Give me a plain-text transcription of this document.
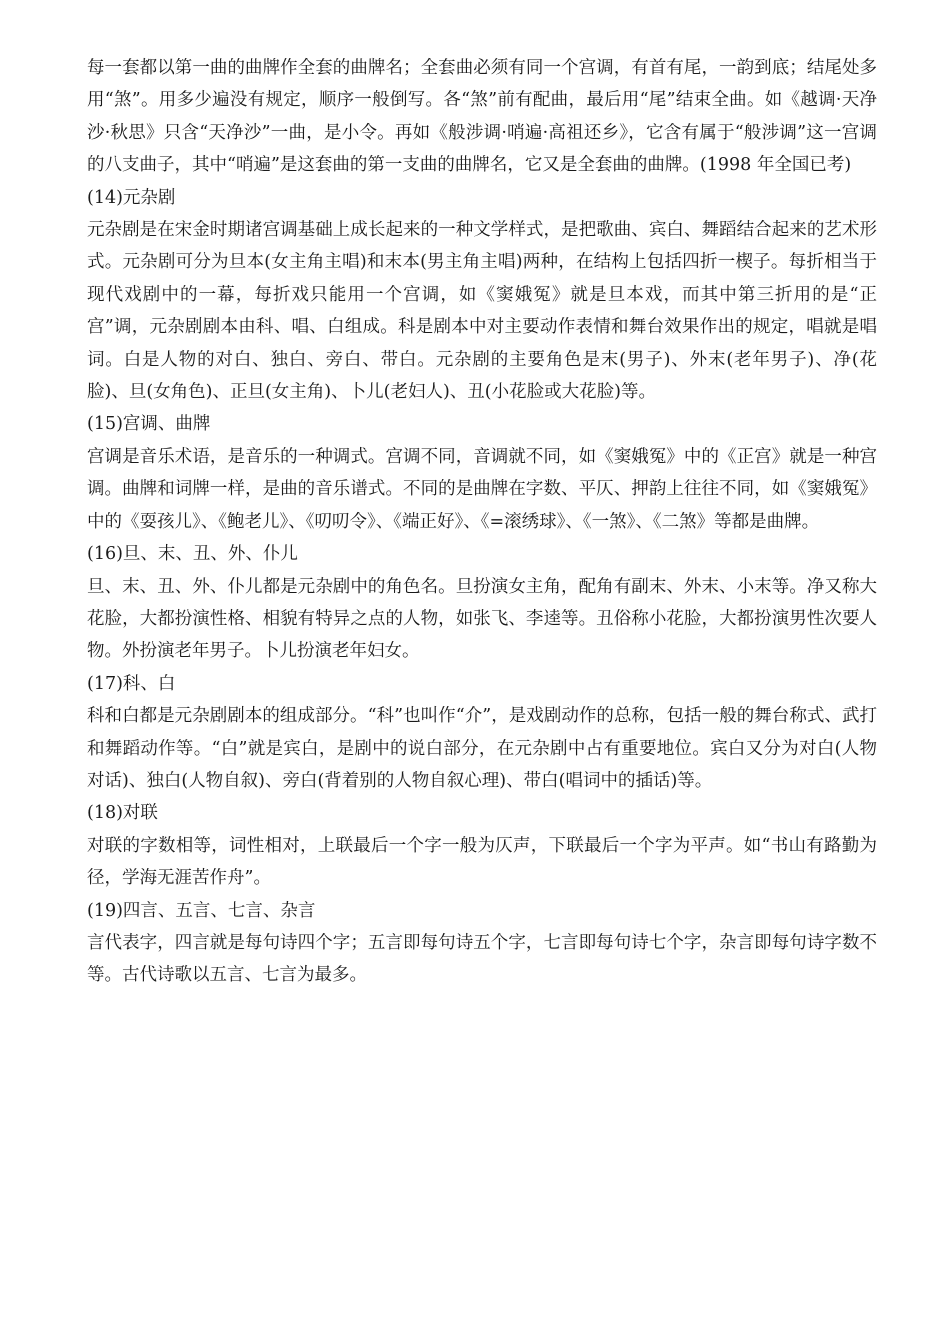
每一套都以第一曲的曲牌作全套的曲牌名；全套曲必须有同一个宫调，有首有尾，一韵到底；结尾处多用“煞”。用多少遍没有规定，顺序一般倒写。各“煞”前有配曲，最后用“尾”结束全曲。如《越调·天净沙·秋思》只含“天净沙”一曲，是小令。再如《般涉调·哨遍·高祖还乡》，它含有属于“般涉调”这一宫调的八支曲子，其中“哨遍”是这套曲的第一支曲的曲牌名，它又是全套曲的曲牌。(1998 年全国已考)

(14)元杂剧

元杂剧是在宋金时期诸宫调基础上成长起来的一种文学样式，是把歌曲、宾白、舞蹈结合起来的艺术形式。元杂剧可分为旦本(女主角主唱)和末本(男主角主唱)两种，在结构上包括四折一楔子。每折相当于现代戏剧中的一幕，每折戏只能用一个宫调，如《窦娥冤》就是旦本戏，而其中第三折用的是“正宫”调，元杂剧剧本由科、唱、白组成。科是剧本中对主要动作表情和舞台效果作出的规定，唱就是唱词。白是人物的对白、独白、旁白、带白。元杂剧的主要角色是末(男子)、外末(老年男子)、净(花脸)、旦(女角色)、正旦(女主角)、卜儿(老妇人)、丑(小花脸或大花脸)等。

(15)宫调、曲牌

宫调是音乐术语，是音乐的一种调式。宫调不同，音调就不同，如《窦娥冤》中的《正宫》就是一种宫调。曲牌和词牌一样，是曲的音乐谱式。不同的是曲牌在字数、平仄、押韵上往往不同，如《窦娥冤》中的《耍孩儿》、《鲍老儿》、《叨叨令》、《端正好》、《=滚绣球》、《一煞》、《二煞》等都是曲牌。

(16)旦、末、丑、外、仆儿

旦、末、丑、外、仆儿都是元杂剧中的角色名。旦扮演女主角，配角有副末、外末、小末等。净又称大花脸，大都扮演性格、相貌有特异之点的人物，如张飞、李逵等。丑俗称小花脸，大都扮演男性次要人物。外扮演老年男子。卜儿扮演老年妇女。

(17)科、白

科和白都是元杂剧剧本的组成部分。“科”也叫作“介”，是戏剧动作的总称，包括一般的舞台称式、武打和舞蹈动作等。“白”就是宾白，是剧中的说白部分，在元杂剧中占有重要地位。宾白又分为对白(人物对话)、独白(人物自叙)、旁白(背着别的人物自叙心理)、带白(唱词中的插话)等。

(18)对联

对联的字数相等，词性相对，上联最后一个字一般为仄声，下联最后一个字为平声。如“书山有路勤为径，学海无涯苦作舟”。

(19)四言、五言、七言、杂言

言代表字，四言就是每句诗四个字；五言即每句诗五个字，七言即每句诗七个字，杂言即每句诗字数不等。古代诗歌以五言、七言为最多。
